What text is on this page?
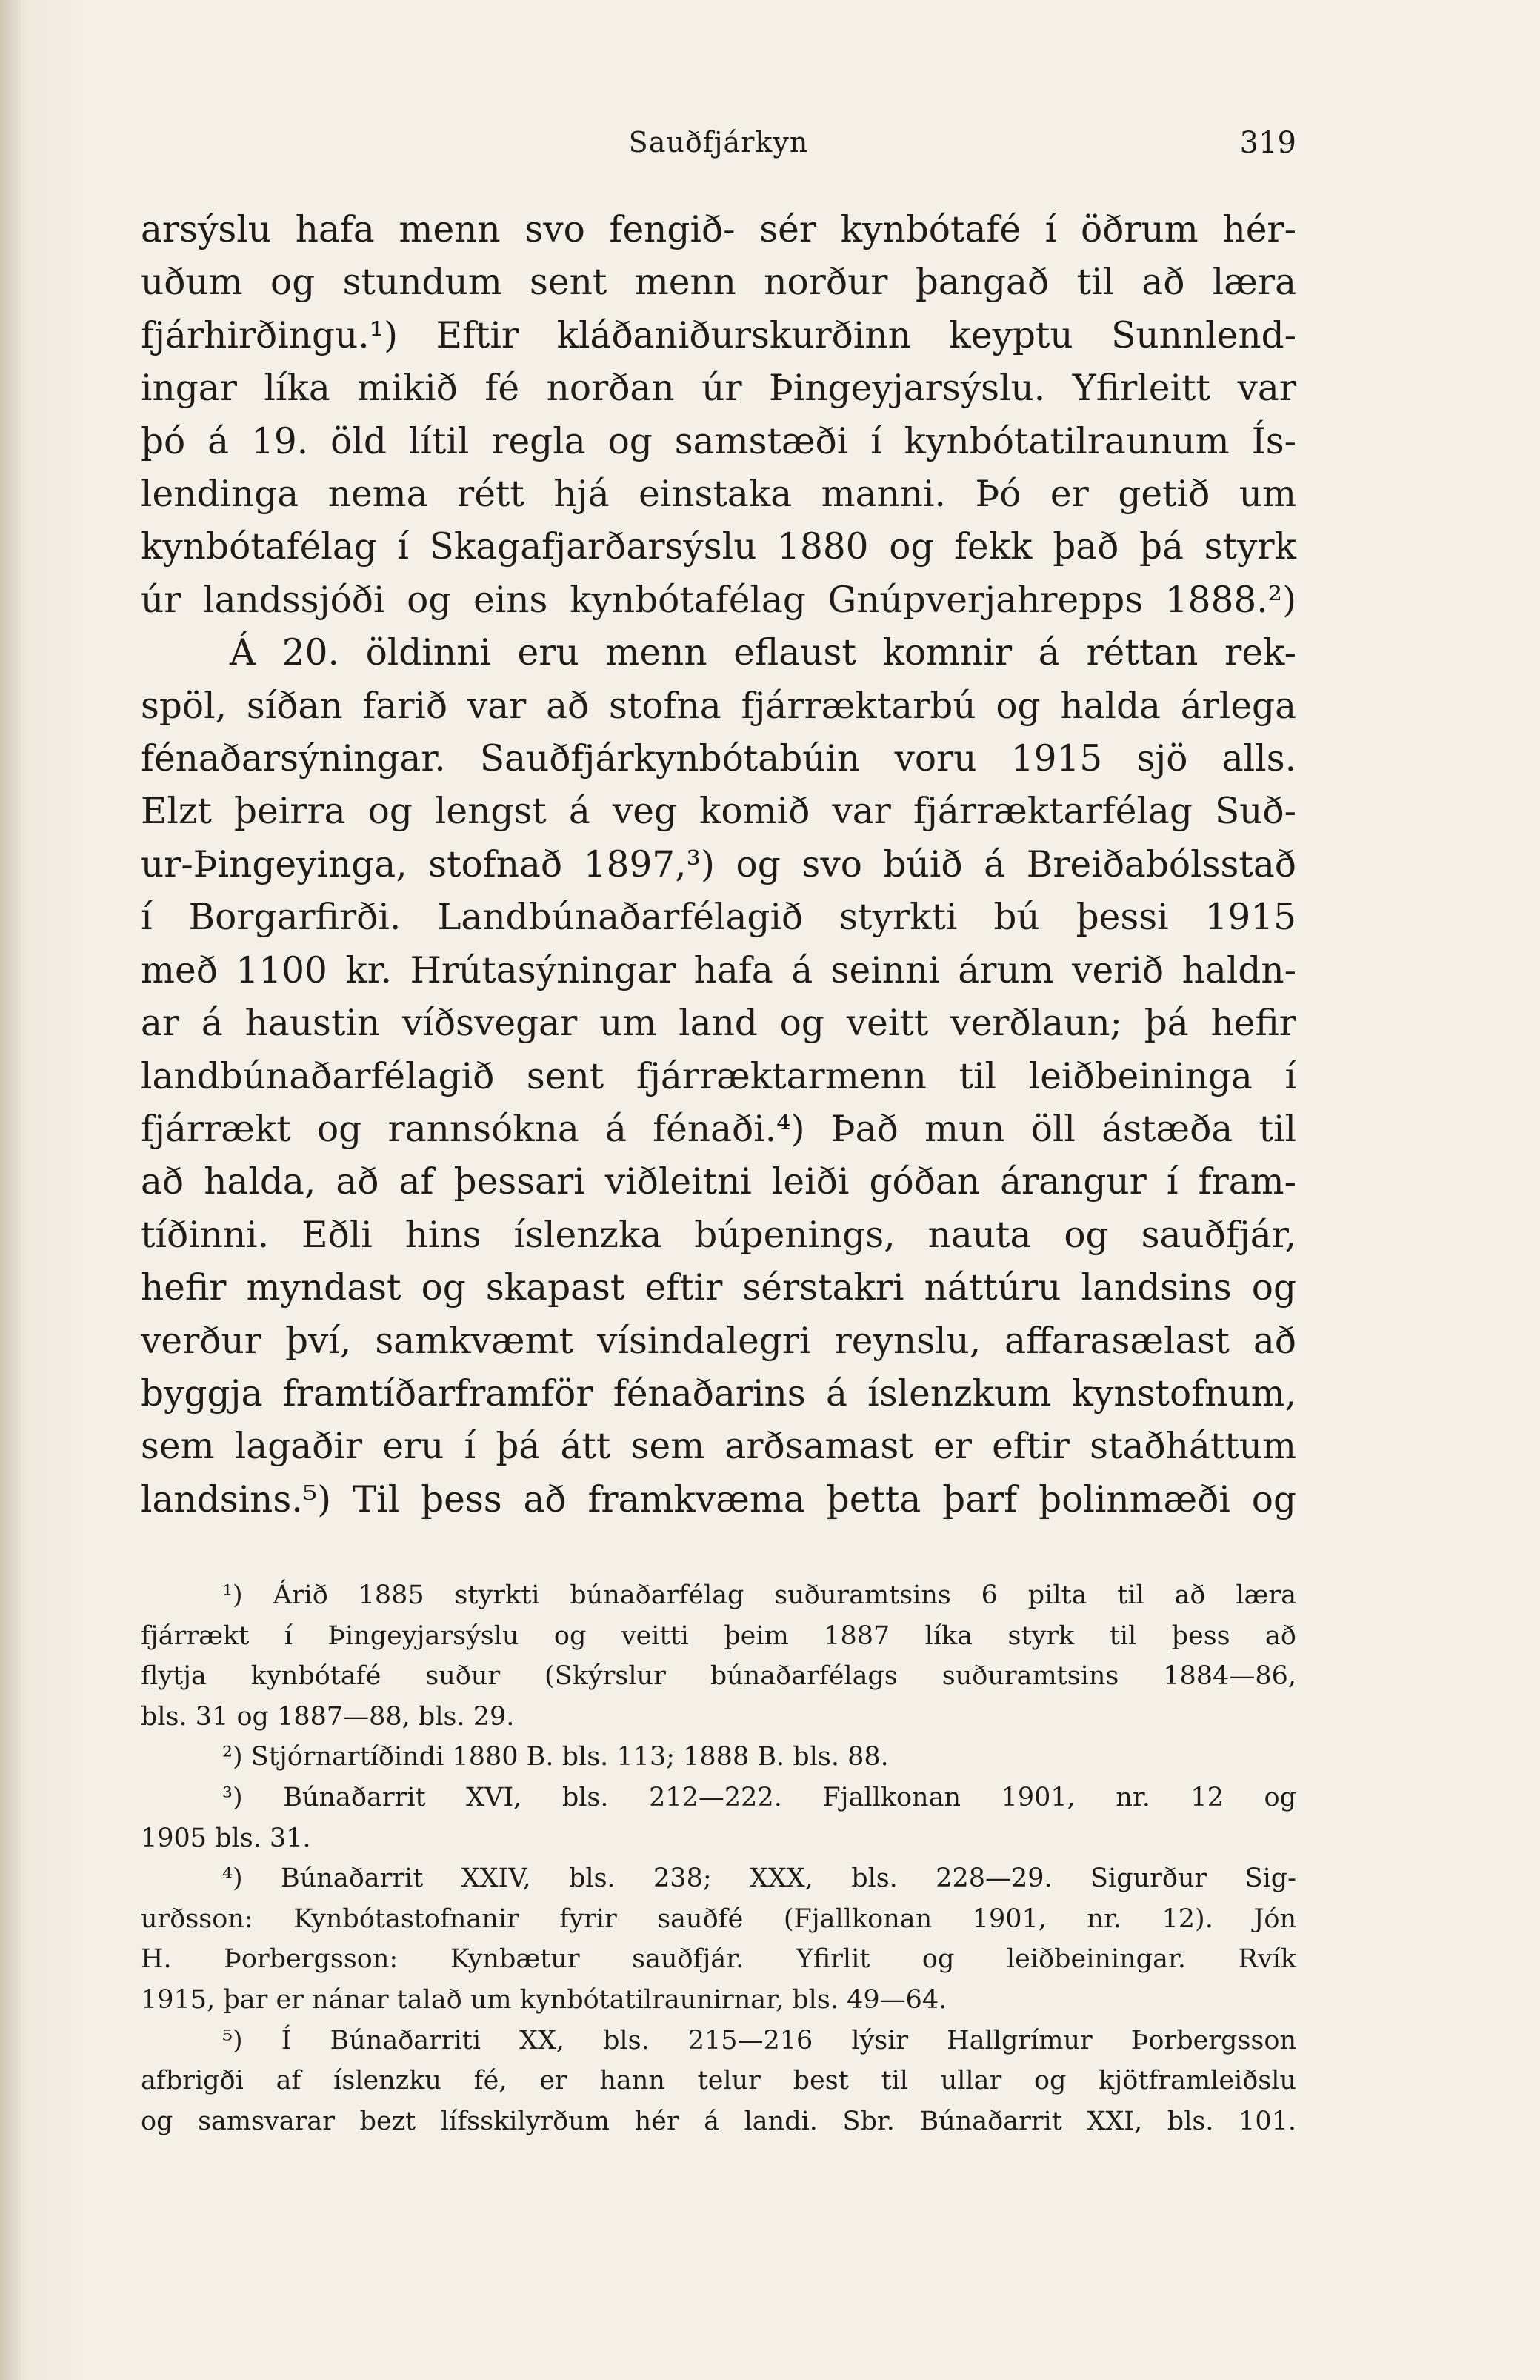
Sauðfjárkyn	319
arsýslu hafa menn svo fengið- sér kynbótafé í öðrum hér-
uðum og stundum sent menn norður þangað til að læra
fjárhirðingu.¹) Eftir kláðaniðurskurðinn keyptu Sunnlend-
ingar líka mikið fé norðan úr Þingeyjarsýslu. Yfirleitt var
þó á 19. öld lítil regla og samstæði í kynbótatilraunum Ís-
lendinga nema rétt hjá einstaka manni. Þó er getið um
kynbótafélag í Skagafjarðarsýslu 1880 og fekk það þá styrk
úr landssjóði og eins kynbótafélag Gnúpverjahrepps 1888.²)
Á 20. öldinni eru menn eflaust komnir á réttan rek-
spöl, síðan farið var að stofna fjárræktarbú og halda árlega
fénaðarsýningar. Sauðfjárkynbótabúin voru 1915 sjö alls.
Elzt þeirra og lengst á veg komið var fjárræktarfélag Suð-
ur-Þingeyinga, stofnað 1897,³) og svo búið á Breiðabólsstað
í Borgarfirði. Landbúnaðarfélagið styrkti bú þessi 1915
með 1100 kr. Hrútasýningar hafa á seinni árum verið haldn-
ar á haustin víðsvegar um land og veitt verðlaun; þá hefir
landbúnaðarfélagið sent fjárræktarmenn til leiðbeininga í
fjárrækt og rannsókna á fénaði.⁴) Það mun öll ástæða til
að halda, að af þessari viðleitni leiði góðan árangur í fram-
tíðinni. Eðli hins íslenzka búpenings, nauta og sauðfjár,
hefir myndast og skapast eftir sérstakri náttúru landsins og
verður því, samkvæmt vísindalegri reynslu, affarasælast að
byggja framtíðarframför fénaðarins á íslenzkum kynstofnum,
sem lagaðir eru í þá átt sem arðsamast er eftir staðháttum
landsins.⁵) Til þess að framkvæma þetta þarf þolinmæði og
¹) Árið 1885 styrkti búnaðarfélag suðuramtsins 6 pilta til að læra
fjárrækt í Þingeyjarsýslu og veitti þeim 1887 líka styrk til þess að
flytja kynbótafé suður (Skýrslur búnaðarfélags suðuramtsins 1884—86,
bls. 31 og 1887—88, bls. 29.
²) Stjórnartíðindi 1880 B. bls. 113; 1888 B. bls. 88.
³) Búnaðarrit XVI, bls. 212—222. Fjallkonan 1901, nr. 12 og
1905 bls. 31.
⁴) Búnaðarrit XXIV, bls. 238; XXX, bls. 228—29. Sigurður Sig-
urðsson: Kynbótastofnanir fyrir sauðfé (Fjallkonan 1901, nr. 12). Jón
H. Þorbergsson: Kynbætur sauðfjár. Yfirlit og leiðbeiningar. Rvík
1915, þar er nánar talað um kynbótatilraunirnar, bls. 49—64.
⁵) Í Búnaðarriti XX, bls. 215—216 lýsir Hallgrímur Þorbergsson
afbrigði af íslenzku fé, er hann telur best til ullar og kjötframleiðslu
og samsvarar bezt lífsskilyrðum hér á landi. Sbr. Búnaðarrit XXI, bls. 101.
